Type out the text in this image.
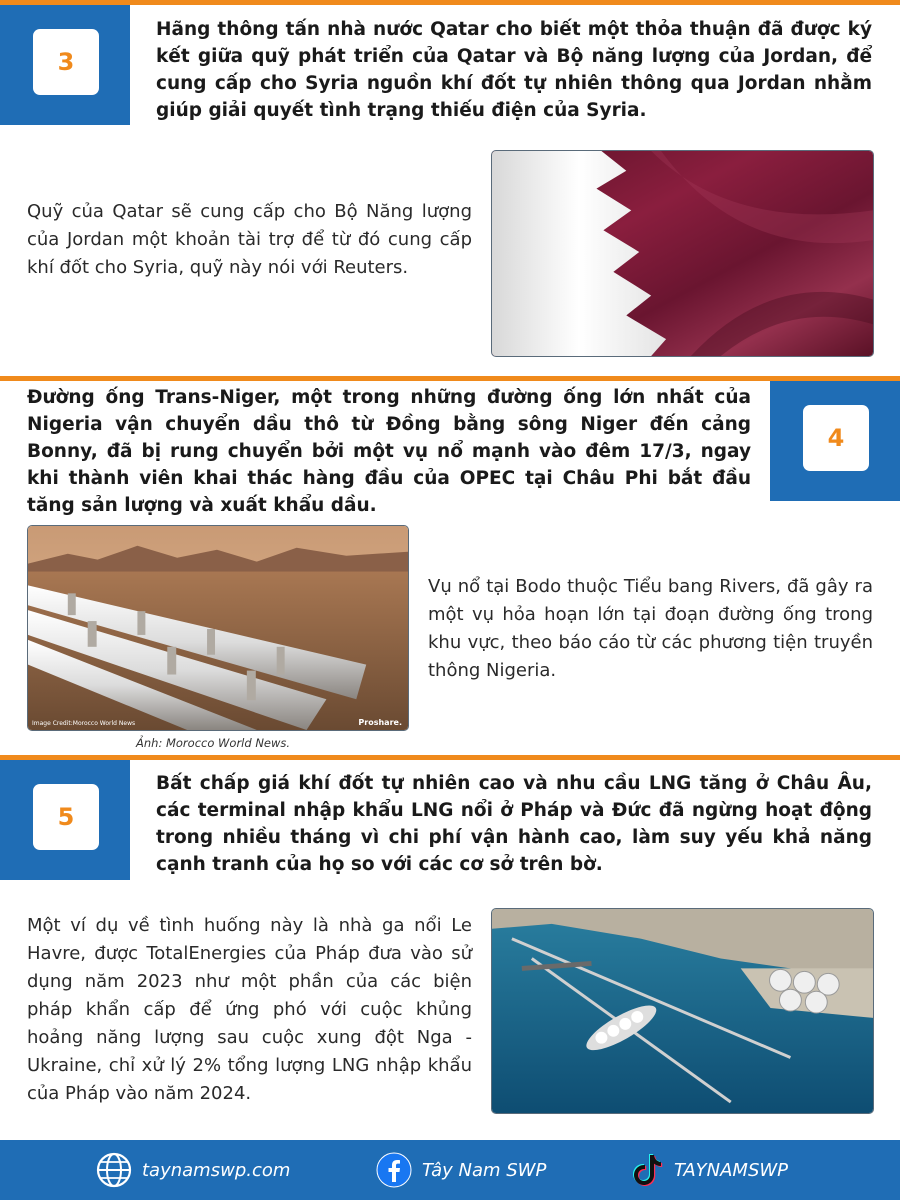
3
Hãng thông tấn nhà nước Qatar cho biết một thỏa thuận đã được ký kết giữa quỹ phát triển của Qatar và Bộ năng lượng của Jordan, để cung cấp cho Syria nguồn khí đốt tự nhiên thông qua Jordan nhằm giúp giải quyết tình trạng thiếu điện của Syria.
Quỹ của Qatar sẽ cung cấp cho Bộ Năng lượng của Jordan một khoản tài trợ để từ đó cung cấp khí đốt cho Syria, quỹ này nói với Reuters.
4
Đường ống Trans-Niger, một trong những đường ống lớn nhất của Nigeria vận chuyển dầu thô từ Đồng bằng sông Niger đến cảng Bonny, đã bị rung chuyển bởi một vụ nổ mạnh vào đêm 17/3, ngay khi thành viên khai thác hàng đầu của OPEC tại Châu Phi bắt đầu tăng sản lượng và xuất khẩu dầu.
Image Credit:Morocco World News	Proshare.
Ảnh: Morocco World News.
Vụ nổ tại Bodo thuộc Tiểu bang Rivers, đã gây ra một vụ hỏa hoạn lớn tại đoạn đường ống trong khu vực, theo báo cáo từ các phương tiện truyền thông Nigeria.
5
Bất chấp giá khí đốt tự nhiên cao và nhu cầu LNG tăng ở Châu Âu, các terminal nhập khẩu LNG nổi ở Pháp và Đức đã ngừng hoạt động trong nhiều tháng vì chi phí vận hành cao, làm suy yếu khả năng cạnh tranh của họ so với các cơ sở trên bờ.
Một ví dụ về tình huống này là nhà ga nổi Le Havre, được TotalEnergies của Pháp đưa vào sử dụng năm 2023 như một phần của các biện pháp khẩn cấp để ứng phó với cuộc khủng hoảng năng lượng sau cuộc xung đột Nga - Ukraine, chỉ xử lý 2% tổng lượng LNG nhập khẩu của Pháp vào năm 2024.
taynamswp.com	Tây Nam SWP	TAYNAMSWP
